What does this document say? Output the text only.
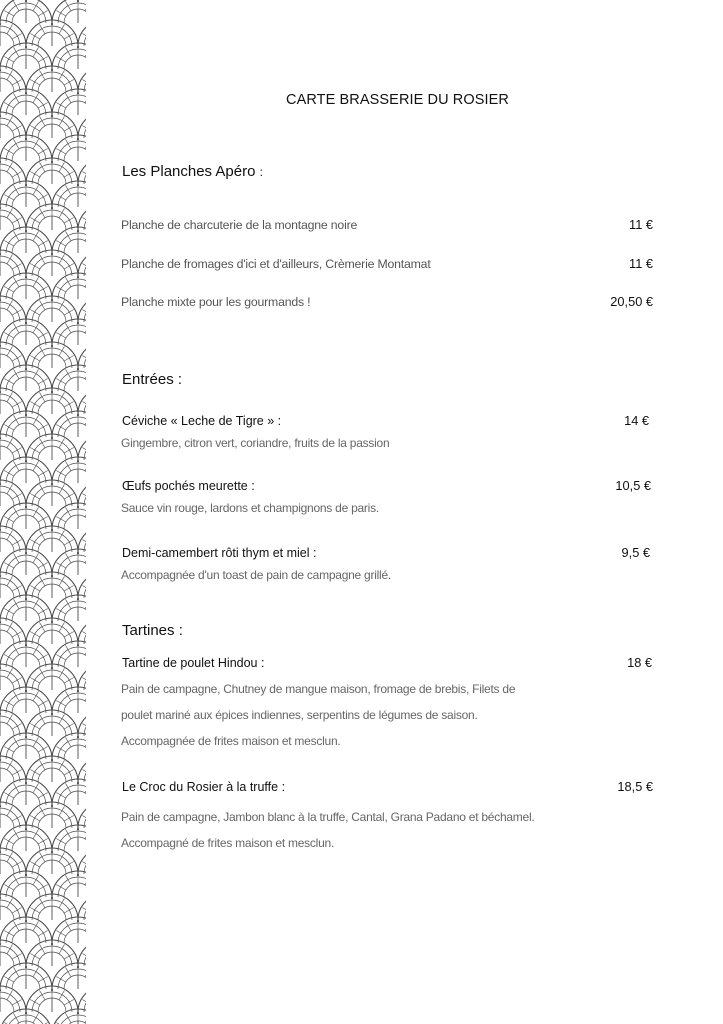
CARTE BRASSERIE DU ROSIER
Les Planches Apéro :
Planche de charcuterie de la montagne noire	11 €
Planche de fromages d'ici et d'ailleurs, Crèmerie Montamat	11 €
Planche mixte pour les gourmands !	20,50 €
Entrées :
Céviche « Leche de Tigre » :	14 €
Gingembre, citron vert, coriandre, fruits de la passion
Œufs pochés meurette :	10,5 €
Sauce vin rouge, lardons et champignons de paris.
Demi-camembert rôti thym et miel :	9,5 €
Accompagnée d'un toast de pain de campagne grillé.
Tartines :
Tartine de poulet Hindou :	18 €
Pain de campagne, Chutney de mangue maison, fromage de brebis, Filets de
poulet mariné aux épices indiennes, serpentins de légumes de saison.
Accompagnée de frites maison et mesclun.
Le Croc du Rosier à la truffe :	18,5 €
Pain de campagne, Jambon blanc à la truffe, Cantal, Grana Padano et béchamel.
Accompagné de frites maison et mesclun.
